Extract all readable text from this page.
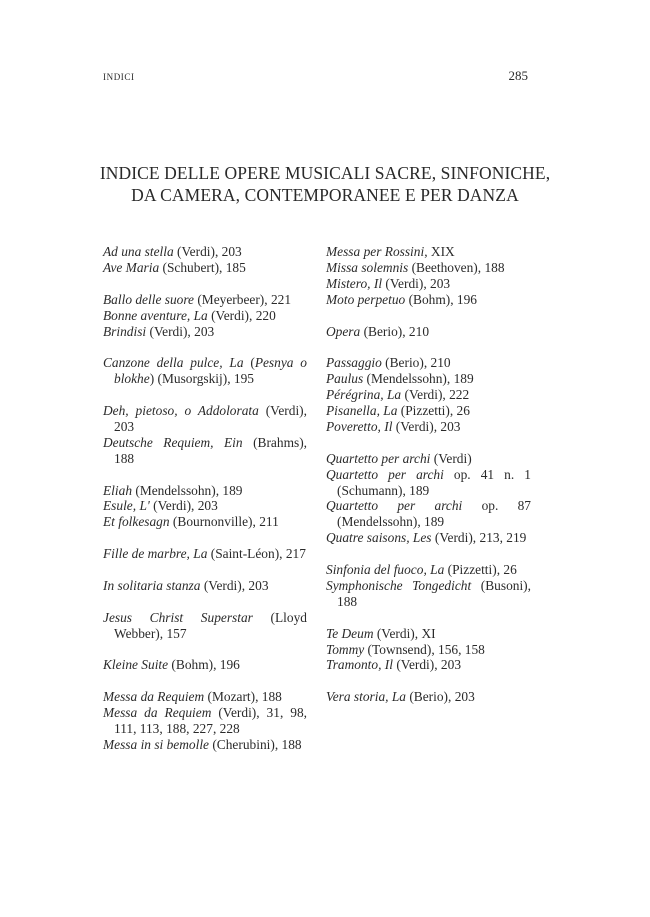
INDICI	285
INDICE DELLE OPERE MUSICALI SACRE, SINFONICHE,
DA CAMERA, CONTEMPORANEE E PER DANZA
Ad una stella (Verdi), 203
Ave Maria (Schubert), 185
Ballo delle suore (Meyerbeer), 221
Bonne aventure, La (Verdi), 220
Brindisi (Verdi), 203
Canzone della pulce, La (Pesnya o blokhe) (Musorgskij), 195
Deh, pietoso, o Addolorata (Verdi), 203
Deutsche Requiem, Ein (Brahms), 188
Eliah (Mendelssohn), 189
Esule, L' (Verdi), 203
Et folkesagn (Bournonville), 211
Fille de marbre, La (Saint-Léon), 217
In solitaria stanza (Verdi), 203
Jesus Christ Superstar (Lloyd Webber), 157
Kleine Suite (Bohm), 196
Messa da Requiem (Mozart), 188
Messa da Requiem (Verdi), 31, 98, 111, 113, 188, 227, 228
Messa in si bemolle (Cherubini), 188
Messa per Rossini, XIX
Missa solemnis (Beethoven), 188
Mistero, Il (Verdi), 203
Moto perpetuo (Bohm), 196
Opera (Berio), 210
Passaggio (Berio), 210
Paulus (Mendelssohn), 189
Pérégrina, La (Verdi), 222
Pisanella, La (Pizzetti), 26
Poveretto, Il (Verdi), 203
Quartetto per archi (Verdi)
Quartetto per archi op. 41 n. 1 (Schumann), 189
Quartetto per archi op. 87 (Mendelssohn), 189
Quatre saisons, Les (Verdi), 213, 219
Sinfonia del fuoco, La (Pizzetti), 26
Symphonische Tongedicht (Busoni), 188
Te Deum (Verdi), XI
Tommy (Townsend), 156, 158
Tramonto, Il (Verdi), 203
Vera storia, La (Berio), 203
